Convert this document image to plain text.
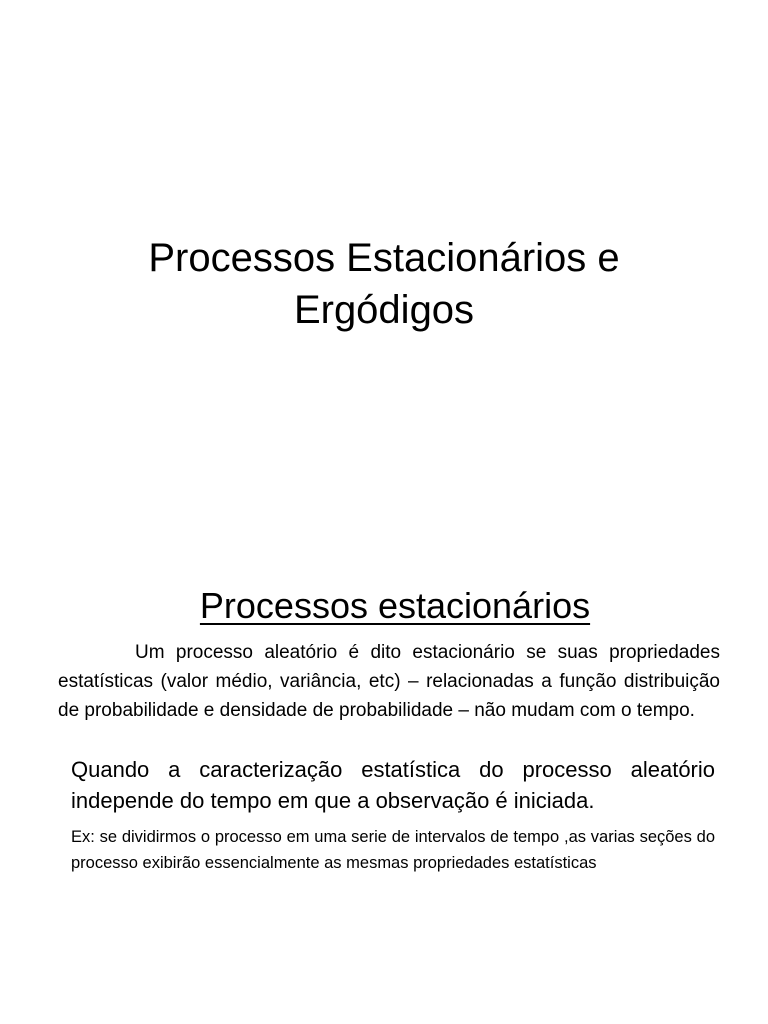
Processos Estacionários e Ergódigos
Processos estacionários

Um processo aleatório é dito estacionário se suas propriedades estatísticas (valor médio, variância, etc) – relacionadas a função distribuição de probabilidade e densidade de probabilidade – não mudam com o tempo.

Quando a caracterização estatística do processo aleatório independe do tempo em que a observação é iniciada.

Ex: se dividirmos o processo em uma serie de intervalos de tempo ,as varias seções do processo exibirão essencialmente as mesmas propriedades estatísticas
